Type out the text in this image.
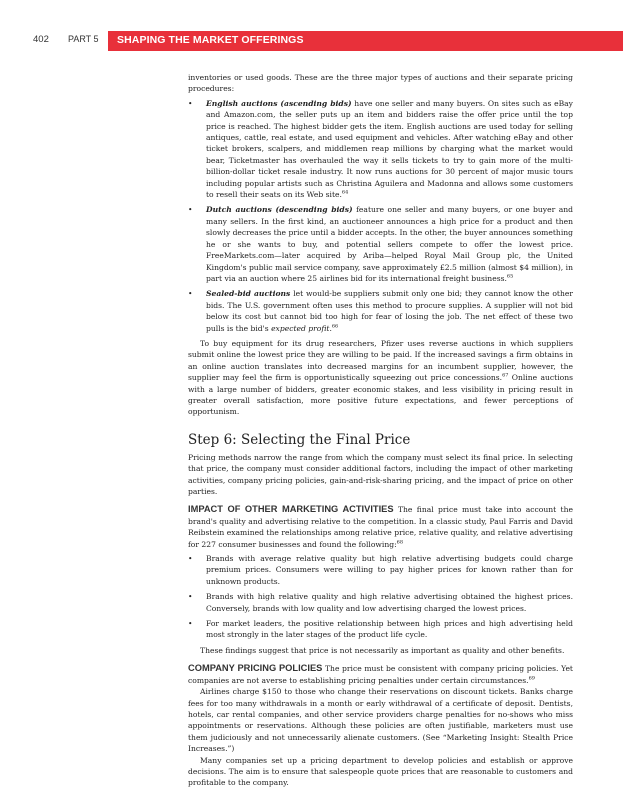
402 PART 5 SHAPING THE MARKET OFFERINGS

inventories or used goods. These are the three major types of auctions and their separate pricing procedures:

• English auctions (ascending bids) have one seller and many buyers. On sites such as eBay and Amazon.com, the seller puts up an item and bidders raise the offer price until the top price is reached. The highest bidder gets the item. English auctions are used today for selling antiques, cattle, real estate, and used equipment and vehicles. After watching eBay and other ticket brokers, scalpers, and middlemen reap millions by charging what the market would bear, Ticketmaster has overhauled the way it sells tickets to try to gain more of the multi-billion-dollar ticket resale industry. It now runs auctions for 30 percent of major music tours including popular artists such as Christina Aguilera and Madonna and allows some customers to resell their seats on its Web site.$^{64}$
• Dutch auctions (descending bids) feature one seller and many buyers, or one buyer and many sellers. In the first kind, an auctioneer announces a high price for a product and then slowly decreases the price until a bidder accepts. In the other, the buyer announces something he or she wants to buy, and potential sellers compete to offer the lowest price. FreeMarkets.com—later acquired by Ariba—helped Royal Mail Group plc, the United Kingdom's public mail service company, save approximately £2.5 million (almost $4 million), in part via an auction where 25 airlines bid for its international freight business.$^{65}$
• Sealed-bid auctions let would-be suppliers submit only one bid; they cannot know the other bids. The U.S. government often uses this method to procure supplies. A supplier will not bid below its cost but cannot bid too high for fear of losing the job. The net effect of these two pulls is the bid's expected profit.$^{66}$

To buy equipment for its drug researchers, Pfizer uses reverse auctions in which suppliers submit online the lowest price they are willing to be paid. If the increased savings a firm obtains in an online auction translates into decreased margins for an incumbent supplier, however, the supplier may feel the firm is opportunistically squeezing out price concessions.$^{67}$ Online auctions with a large number of bidders, greater economic stakes, and less visibility in pricing result in greater overall satisfaction, more positive future expectations, and fewer perceptions of opportunism.

Step 6: Selecting the Final Price

Pricing methods narrow the range from which the company must select its final price. In selecting that price, the company must consider additional factors, including the impact of other marketing activities, company pricing policies, gain-and-risk-sharing pricing, and the impact of price on other parties.

IMPACT OF OTHER MARKETING ACTIVITIES The final price must take into account the brand's quality and advertising relative to the competition. In a classic study, Paul Farris and David Reibstein examined the relationships among relative price, relative quality, and relative advertising for 227 consumer businesses and found the following:$^{68}$

• Brands with average relative quality but high relative advertising budgets could charge premium prices. Consumers were willing to pay higher prices for known rather than for unknown products.
• Brands with high relative quality and high relative advertising obtained the highest prices. Conversely, brands with low quality and low advertising charged the lowest prices.
• For market leaders, the positive relationship between high prices and high advertising held most strongly in the later stages of the product life cycle.

These findings suggest that price is not necessarily as important as quality and other benefits.

COMPANY PRICING POLICIES The price must be consistent with company pricing policies. Yet companies are not averse to establishing pricing penalties under certain circumstances.$^{69}$

Airlines charge $150 to those who change their reservations on discount tickets. Banks charge fees for too many withdrawals in a month or early withdrawal of a certificate of deposit. Dentists, hotels, car rental companies, and other service providers charge penalties for no-shows who miss appointments or reservations. Although these policies are often justifiable, marketers must use them judiciously and not unnecessarily alienate customers. (See “Marketing Insight: Stealth Price Increases.”)

Many companies set up a pricing department to develop policies and establish or approve decisions. The aim is to ensure that salespeople quote prices that are reasonable to customers and profitable to the company.
